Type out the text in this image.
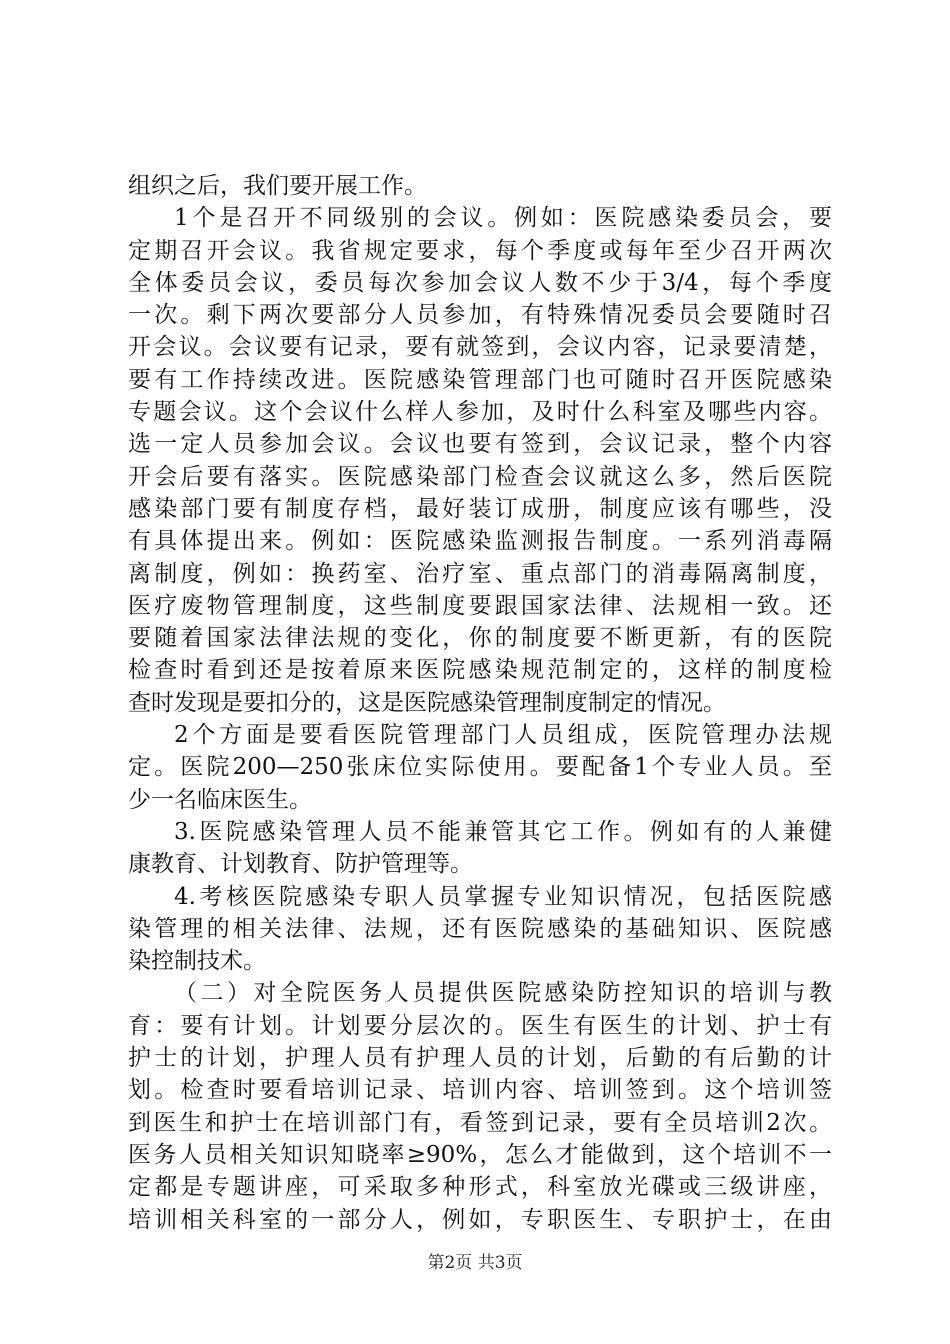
组织之后，我们要开展工作。
1个是召开不同级别的会议。例如：医院感染委员会，要
定期召开会议。我省规定要求，每个季度或每年至少召开两次
全体委员会议，委员每次参加会议人数不少于3/4，每个季度
一次。剩下两次要部分人员参加，有特殊情况委员会要随时召
开会议。会议要有记录，要有就签到，会议内容，记录要清楚，
要有工作持续改进。医院感染管理部门也可随时召开医院感染
专题会议。这个会议什么样人参加，及时什么科室及哪些内容。
选一定人员参加会议。会议也要有签到，会议记录，整个内容
开会后要有落实。医院感染部门检查会议就这么多，然后医院
感染部门要有制度存档，最好装订成册，制度应该有哪些，没
有具体提出来。例如：医院感染监测报告制度。一系列消毒隔
离制度，例如：换药室、治疗室、重点部门的消毒隔离制度，
医疗废物管理制度，这些制度要跟国家法律、法规相一致。还
要随着国家法律法规的变化，你的制度要不断更新，有的医院
检查时看到还是按着原来医院感染规范制定的，这样的制度检
查时发现是要扣分的，这是医院感染管理制度制定的情况。
2个方面是要看医院管理部门人员组成，医院管理办法规
定。医院200—250张床位实际使用。要配备1个专业人员。至
少一名临床医生。
3.医院感染管理人员不能兼管其它工作。例如有的人兼健
康教育、计划教育、防护管理等。
4.考核医院感染专职人员掌握专业知识情况，包括医院感
染管理的相关法律、法规，还有医院感染的基础知识、医院感
染控制技术。
（二）对全院医务人员提供医院感染防控知识的培训与教
育：要有计划。计划要分层次的。医生有医生的计划、护士有
护士的计划，护理人员有护理人员的计划，后勤的有后勤的计
划。检查时要看培训记录、培训内容、培训签到。这个培训签
到医生和护士在培训部门有，看签到记录，要有全员培训2次。
医务人员相关知识知晓率≥90%，怎么才能做到，这个培训不一
定都是专题讲座，可采取多种形式，科室放光碟或三级讲座，
培训相关科室的一部分人，例如，专职医生、专职护士，在由
第2页 共3页
